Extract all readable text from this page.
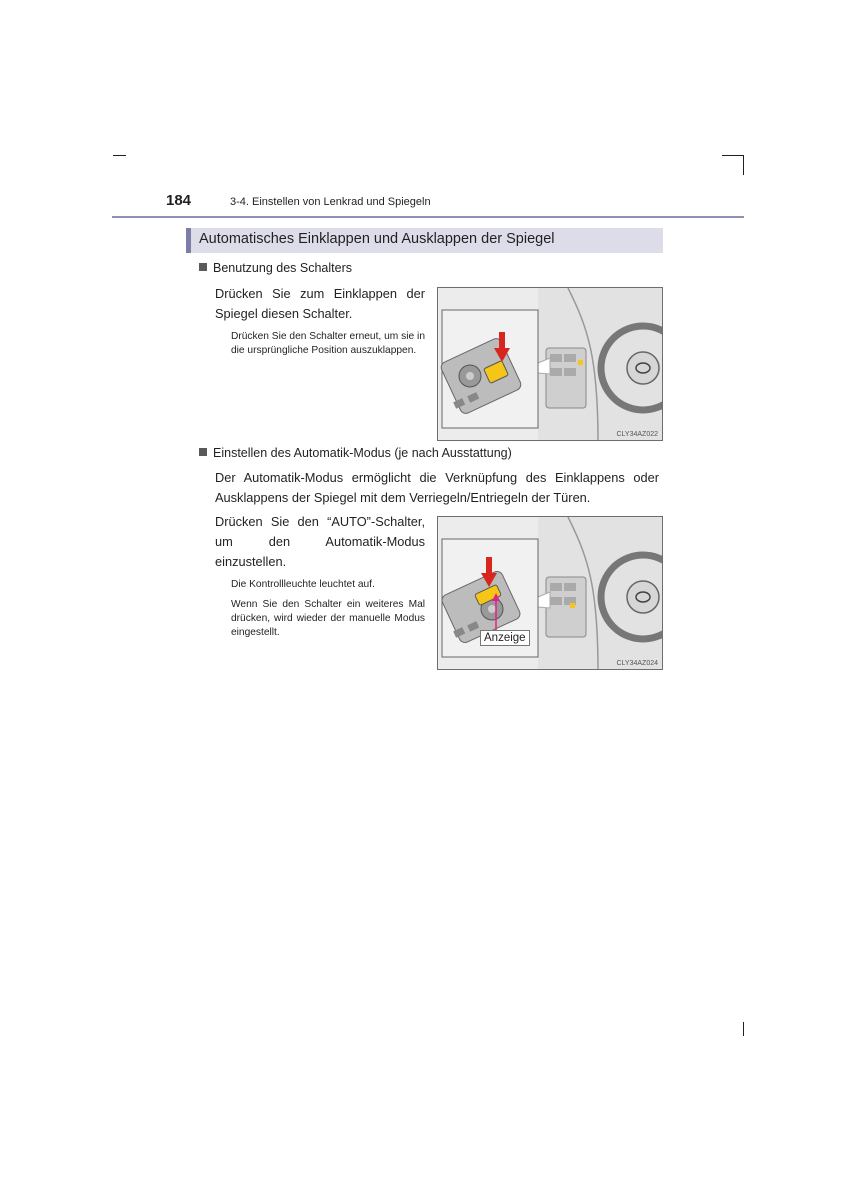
184	3-4. Einstellen von Lenkrad und Spiegeln
Automatisches Einklappen und Ausklappen der Spiegel
Benutzung des Schalters
Drücken Sie zum Einklappen der Spiegel diesen Schalter.
Drücken Sie den Schalter erneut, um sie in die ursprüngliche Position auszuklappen.
CLY34AZ022
Einstellen des Automatik-Modus (je nach Ausstattung)
Der Automatik-Modus ermöglicht die Verknüpfung des Einklappens oder Ausklappens der Spiegel mit dem Verriegeln/Entriegeln der Türen.
Drücken Sie den “AUTO”-Schalter, um den Automatik-Modus einzustellen.
Die Kontrollleuchte leuchtet auf.
Wenn Sie den Schalter ein weiteres Mal drücken, wird wieder der manuelle Modus eingestellt.	Anzeige
CLY34AZ024
